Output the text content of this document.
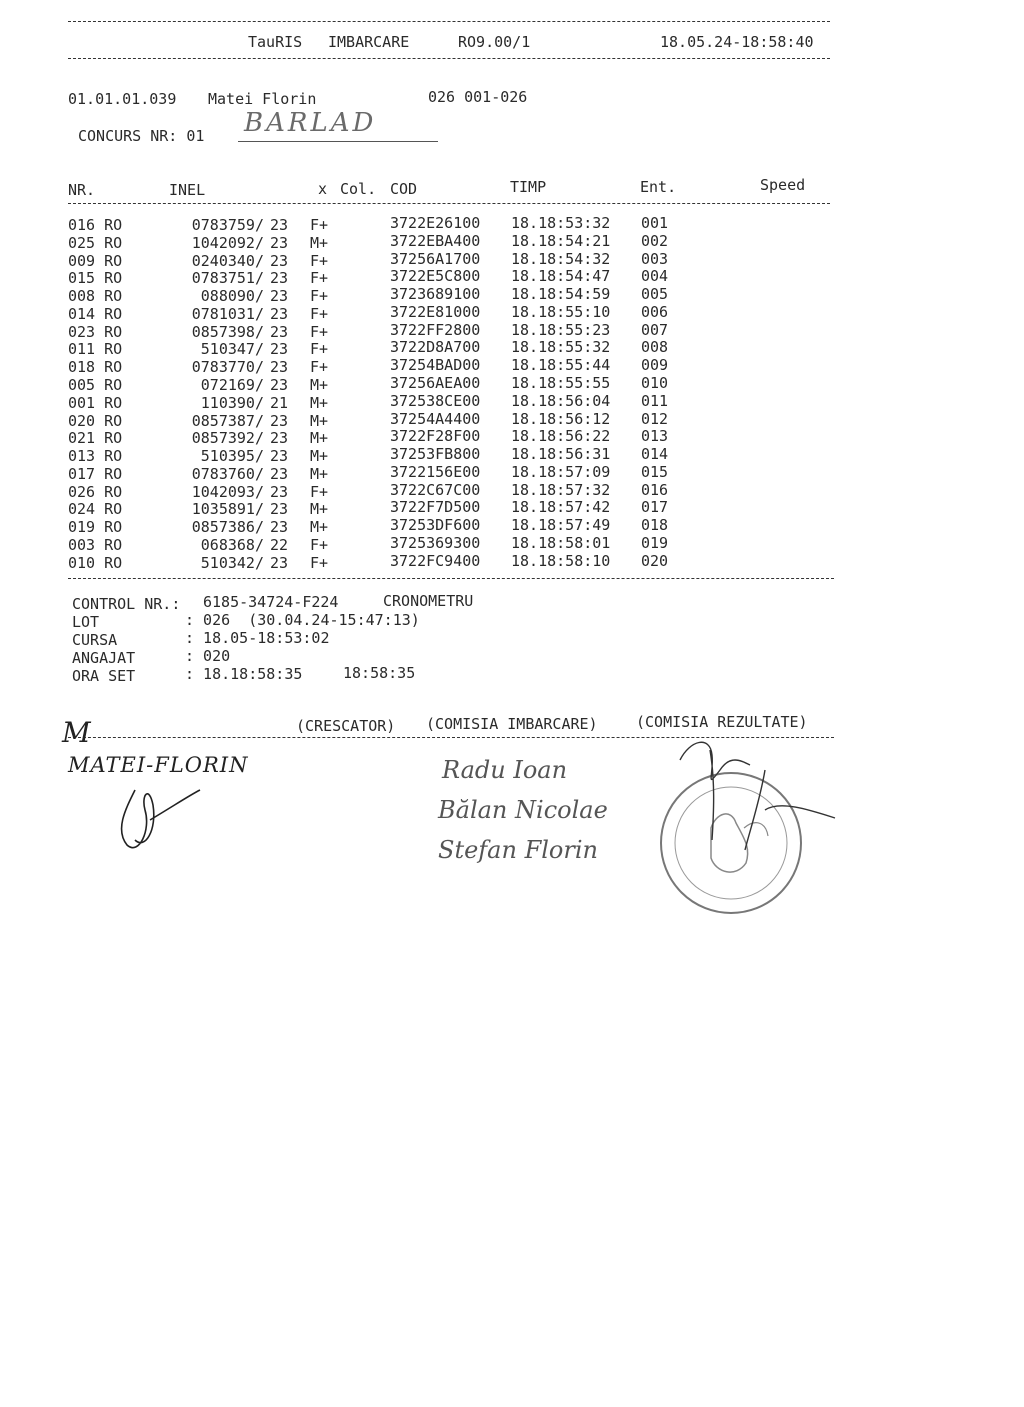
TauRIS IMBARCARE	RO9.00/1	18.05.24-18:58:40
01.01.01.039 Matei Florin	026 001-026
CONCURS NR: 01 BARLAD
NR.	INEL	x Col. COD	TIMP	Ent.	Speed
016 RO	0783759/ 23 F+	3722E26100 18.18:53:32 001
025 RO	1042092/ 23 M+	3722EBA400 18.18:54:21 002
009 RO	0240340/ 23 F+	37256A1700 18.18:54:32 003
015 RO	0783751/ 23 F+	3722E5C800 18.18:54:47 004
008 RO	088090/ 23 F+	3723689100 18.18:54:59 005
014 RO	0781031/ 23 F+	3722E81000 18.18:55:10 006
023 RO	0857398/ 23 F+	3722FF2800 18.18:55:23 007
011 RO	510347/ 23 F+	3722D8A700 18.18:55:32 008
018 RO	0783770/ 23 F+	37254BAD00 18.18:55:44 009
005 RO	072169/ 23 M+	37256AEA00 18.18:55:55 010
001 RO	110390/ 21 M+	372538CE00 18.18:56:04 011
020 RO	0857387/ 23 M+	37254A4400 18.18:56:12 012
021 RO	0857392/ 23 M+	3722F28F00 18.18:56:22 013
013 RO	510395/ 23 M+	37253FB800 18.18:56:31 014
017 RO	0783760/ 23 M+	3722156E00 18.18:57:09 015
026 RO	1042093/ 23 F+	3722C67C00 18.18:57:32 016
024 RO	1035891/ 23 M+	3722F7D500 18.18:57:42 017
019 RO	0857386/ 23 M+	37253DF600 18.18:57:49 018
003 RO	068368/ 22 F+	3725369300 18.18:58:01 019
010 RO	510342/ 23 F+	3722FC9400 18.18:58:10 020
CONTROL NR.: 6185-34724-F224	CRONOMETRU
LOT	: 026  (30.04.24-15:47:13)
CURSA	: 18.05-18:53:02
ANGAJAT	: 020
ORA SET	: 18.18:58:35	18:58:35
(CRESCATOR) (COMISIA IMBARCARE)	(COMISIA REZULTATE)
M
MATEI-FLORIN	Radu Ioan
Bălan Nicolae
Stefan Florin
